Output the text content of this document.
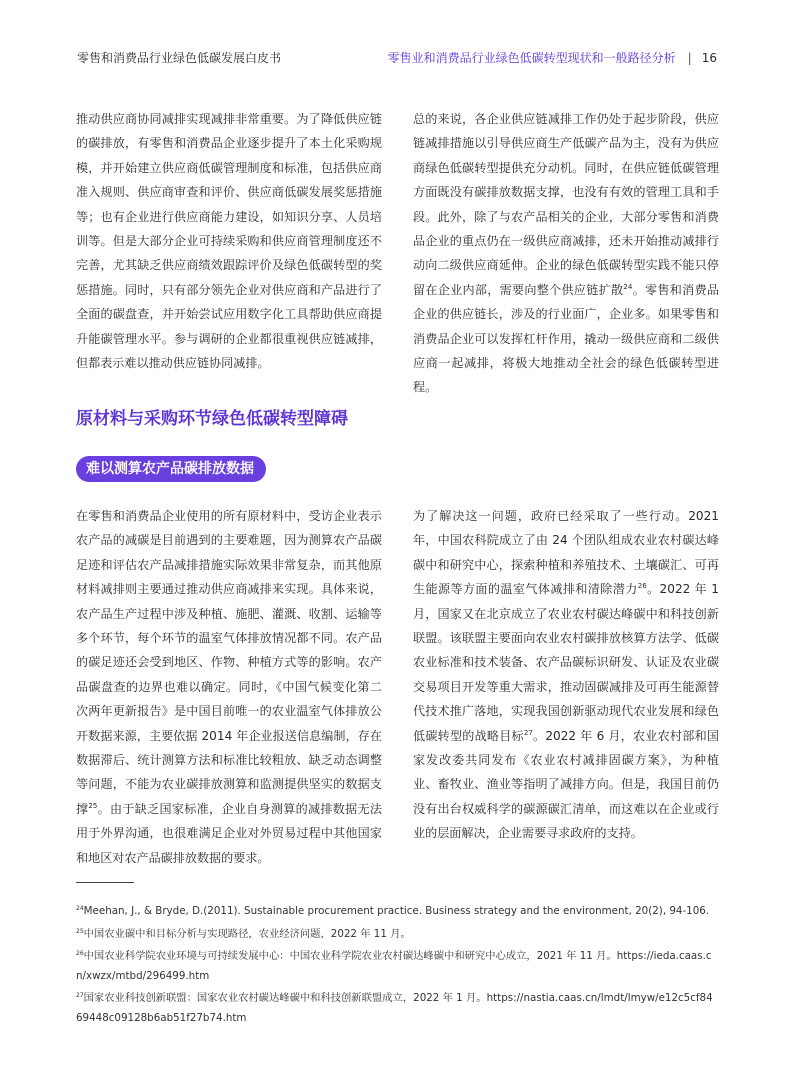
零售和消费品行业绿色低碳发展白皮书	零售业和消费品行业绿色低碳转型现状和一般路径分析 | 16

推动供应商协同减排实现减排非常重要。为了降低供应链的碳排放，有零售和消费品企业逐步提升了本土化采购规模，并开始建立供应商低碳管理制度和标准，包括供应商准入规则、供应商审查和评价、供应商低碳发展奖惩措施等；也有企业进行供应商能力建设，如知识分享、人员培训等。但是大部分企业可持续采购和供应商管理制度还不完善，尤其缺乏供应商绩效跟踪评价及绿色低碳转型的奖惩措施。同时，只有部分领先企业对供应商和产品进行了全面的碳盘查，并开始尝试应用数字化工具帮助供应商提升能碳管理水平。参与调研的企业都很重视供应链减排，但都表示难以推动供应链协同减排。

总的来说，各企业供应链减排工作仍处于起步阶段，供应链减排措施以引导供应商生产低碳产品为主，没有为供应商绿色低碳转型提供充分动机。同时，在供应链低碳管理方面既没有碳排放数据支撑，也没有有效的管理工具和手段。此外，除了与农产品相关的企业，大部分零售和消费品企业的重点仍在一级供应商减排，还未开始推动减排行动向二级供应商延伸。企业的绿色低碳转型实践不能只停留在企业内部，需要向整个供应链扩散$^{24}$。零售和消费品企业的供应链长，涉及的行业面广，企业多。如果零售和消费品企业可以发挥杠杆作用，撬动一级供应商和二级供应商一起减排，将极大地推动全社会的绿色低碳转型进程。

原材料与采购环节绿色低碳转型障碍
难以测算农产品碳排放数据

在零售和消费品企业使用的所有原材料中，受访企业表示农产品的减碳是目前遇到的主要难题，因为测算农产品碳足迹和评估农产品减排措施实际效果非常复杂，而其他原材料减排则主要通过推动供应商减排来实现。具体来说，农产品生产过程中涉及种植、施肥、灌溉、收割、运输等多个环节，每个环节的温室气体排放情况都不同。农产品的碳足迹还会受到地区、作物、种植方式等的影响。农产品碳盘查的边界也难以确定。同时，《中国气候变化第二次两年更新报告》是中国目前唯一的农业温室气体排放公开数据来源，主要依据 2014 年企业报送信息编制，存在数据滞后、统计测算方法和标准比较粗放、缺乏动态调整等问题，不能为农业碳排放测算和监测提供坚实的数据支撑$^{25}$。由于缺乏国家标准，企业自身测算的减排数据无法用于外界沟通，也很难满足企业对外贸易过程中其他国家和地区对农产品碳排放数据的要求。

为了解决这一问题，政府已经采取了一些行动。2021 年，中国农科院成立了由 24 个团队组成农业农村碳达峰碳中和研究中心，探索种植和养殖技术、土壤碳汇、可再生能源等方面的温室气体减排和清除潜力$^{26}$。2022 年 1 月，国家又在北京成立了农业农村碳达峰碳中和科技创新联盟。该联盟主要面向农业农村碳排放核算方法学、低碳农业标准和技术装备、农产品碳标识研发、认证及农业碳交易项目开发等重大需求，推动固碳减排及可再生能源替代技术推广落地，实现我国创新驱动现代农业发展和绿色低碳转型的战略目标$^{27}$。2022 年 6 月，农业农村部和国家发改委共同发布《农业农村减排固碳方案》，为种植业、畜牧业、渔业等指明了减排方向。但是，我国目前仍没有出台权威科学的碳源碳汇清单，而这难以在企业或行业的层面解决，企业需要寻求政府的支持。

$^{24}$Meehan, J., & Bryde, D.(2011). Sustainable procurement practice. Business strategy and the environment, 20(2), 94-106.

$^{25}$中国农业碳中和目标分析与实现路径，农业经济问题，2022 年 11 月。

$^{26}$中国农业科学院农业环境与可持续发展中心：中国农业科学院农业农村碳达峰碳中和研究中心成立，2021 年 11 月。https://ieda.caas.cn/xwzx/mtbd/296499.htm

$^{27}$国家农业科技创新联盟：国家农业农村碳达峰碳中和科技创新联盟成立，2022 年 1 月。https://nastia.caas.cn/lmdt/lmyw/e12c5cf8469448c09128b6ab51f27b74.htm
